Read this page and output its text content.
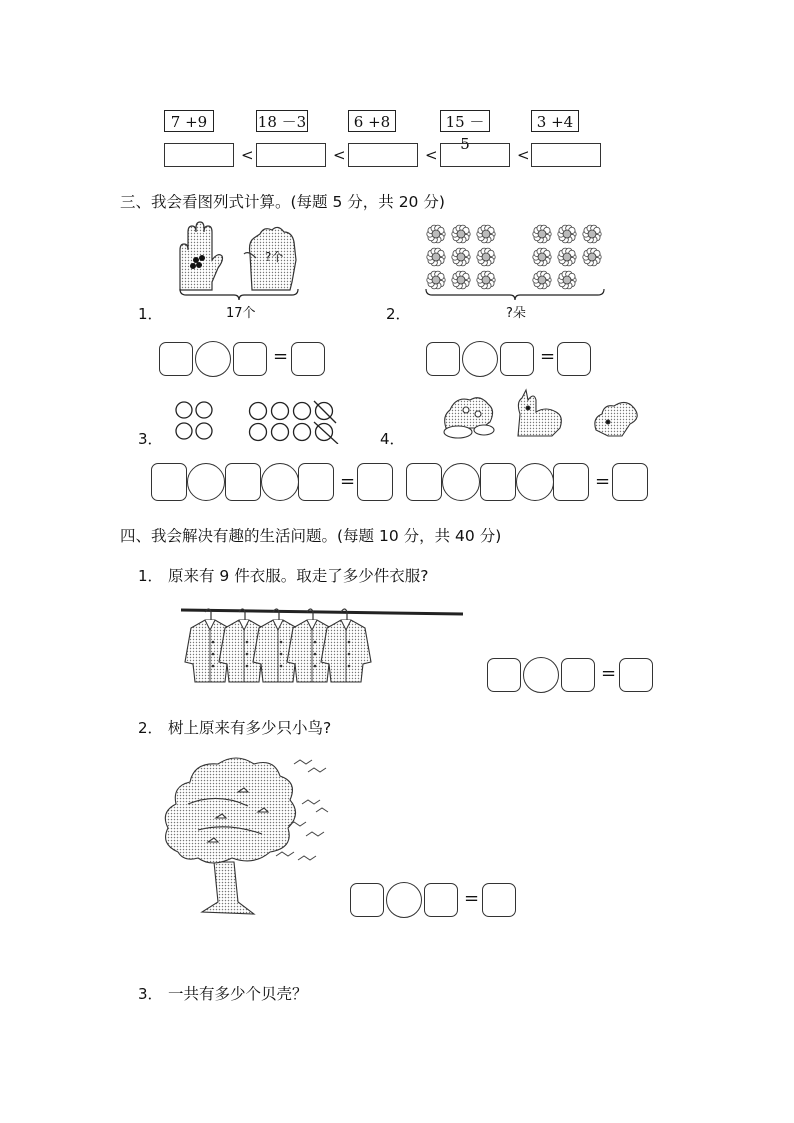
7 +9	18 －3	6 +8	15 －5
3 +4
<	<	<	<
三、我会看图列式计算。(每题 5 分，共 20 分)
?个
1．	17个	2．	?朵
=	=
3．	4．
=	=
四、我会解决有趣的生活问题。(每题 10 分，共 40 分)
1． 原来有 9 件衣服。取走了多少件衣服?
=
2． 树上原来有多少只小鸟?
=
3． 一共有多少个贝壳？
